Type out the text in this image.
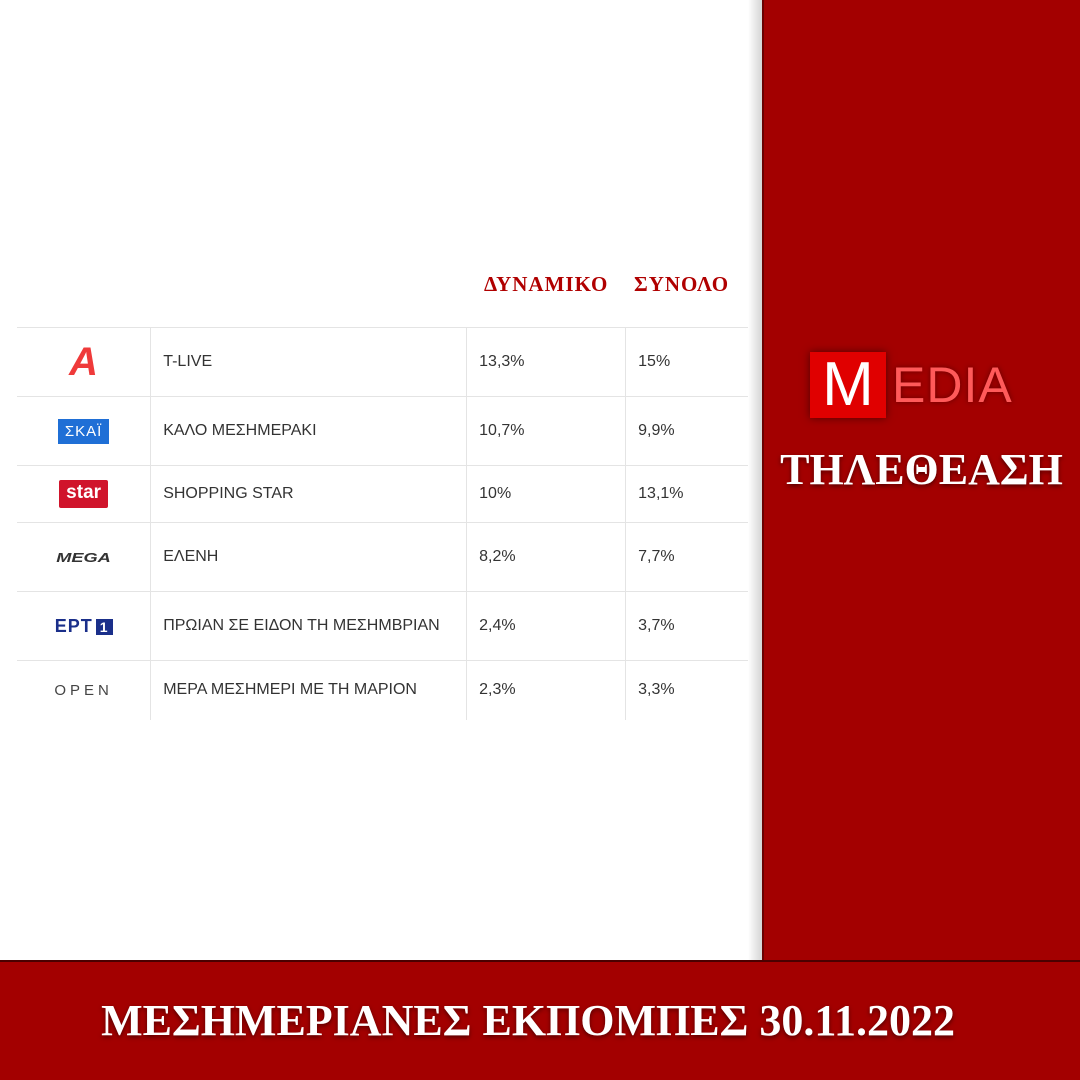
M EDIA
ΤΗΛΕΘΕΑΣΗ
ΔΥΝΑΜΙΚΟ ΣΥΝΟΛΟ
Α	T-LIVE	13,3%	15%

ΣΚΑΪ	ΚΑΛΟ ΜΕΣΗΜΕΡΑΚΙ	10,7%	9,9%

star	SHOPPING STAR	10%	13,1%

MEGA	ΕΛΕΝΗ	8,2%	7,7%

ΕΡΤ 1	ΠΡΩΙΑΝ ΣΕ ΕΙΔΟΝ ΤΗ ΜΕΣΗΜΒΡΙΑΝ	2,4%	3,7%

OPEN	ΜΕΡΑ ΜΕΣΗΜΕΡΙ ΜΕ ΤΗ ΜΑΡΙΟΝ	2,3%	3,3%
ΜΕΣΗΜΕΡΙΑΝΕΣ ΕΚΠΟΜΠΕΣ 30.11.2022
